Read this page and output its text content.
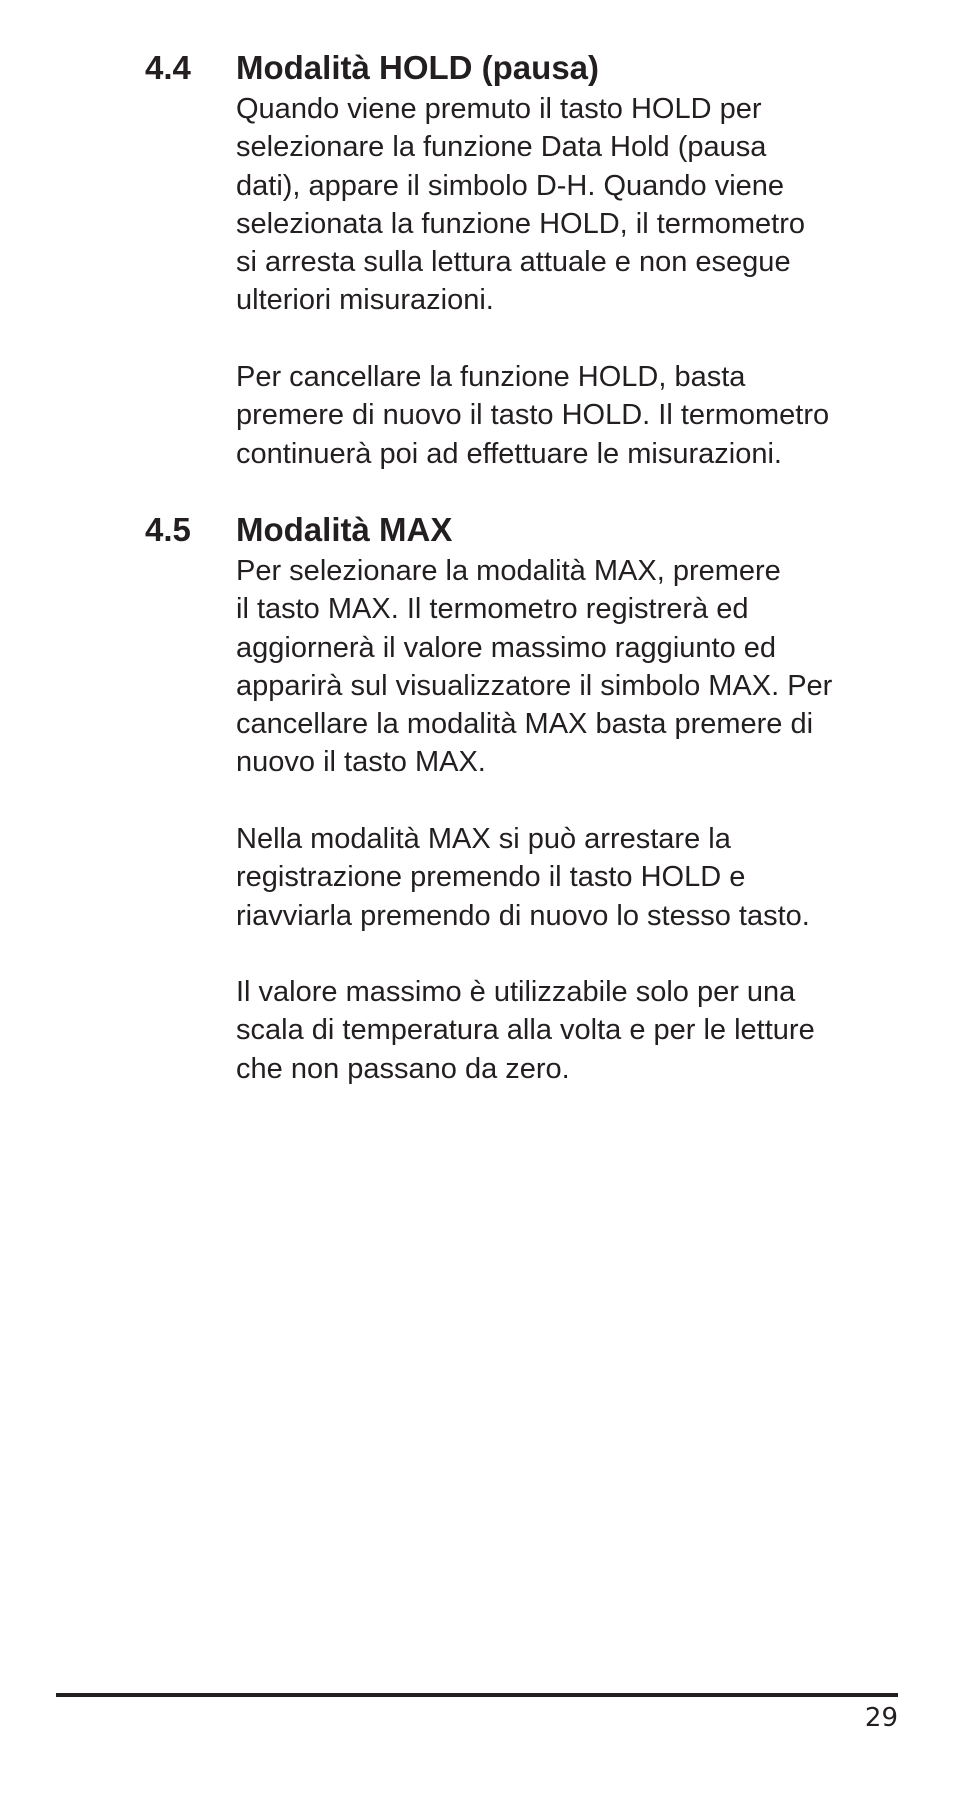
4.4 Modalità HOLD (pausa)
Quando viene premuto il tasto HOLD per
selezionare la funzione Data Hold (pausa
dati), appare il simbolo D-H. Quando viene
selezionata la funzione HOLD, il termometro
si arresta sulla lettura attuale e non esegue
ulteriori misurazioni.
Per cancellare la funzione HOLD, basta
premere di nuovo il tasto HOLD. Il termometro
continuerà poi ad effettuare le misurazioni.
4.5 Modalità MAX
Per selezionare la modalità MAX, premere
il tasto MAX. Il termometro registrerà ed
aggiornerà il valore massimo raggiunto ed
apparirà sul visualizzatore il simbolo MAX. Per
cancellare la modalità MAX basta premere di
nuovo il tasto MAX.
Nella modalità MAX si può arrestare la
registrazione premendo il tasto HOLD e
riavviarla premendo di nuovo lo stesso tasto.
Il valore massimo è utilizzabile solo per una
scala di temperatura alla volta e per le letture
che non passano da zero.
29
